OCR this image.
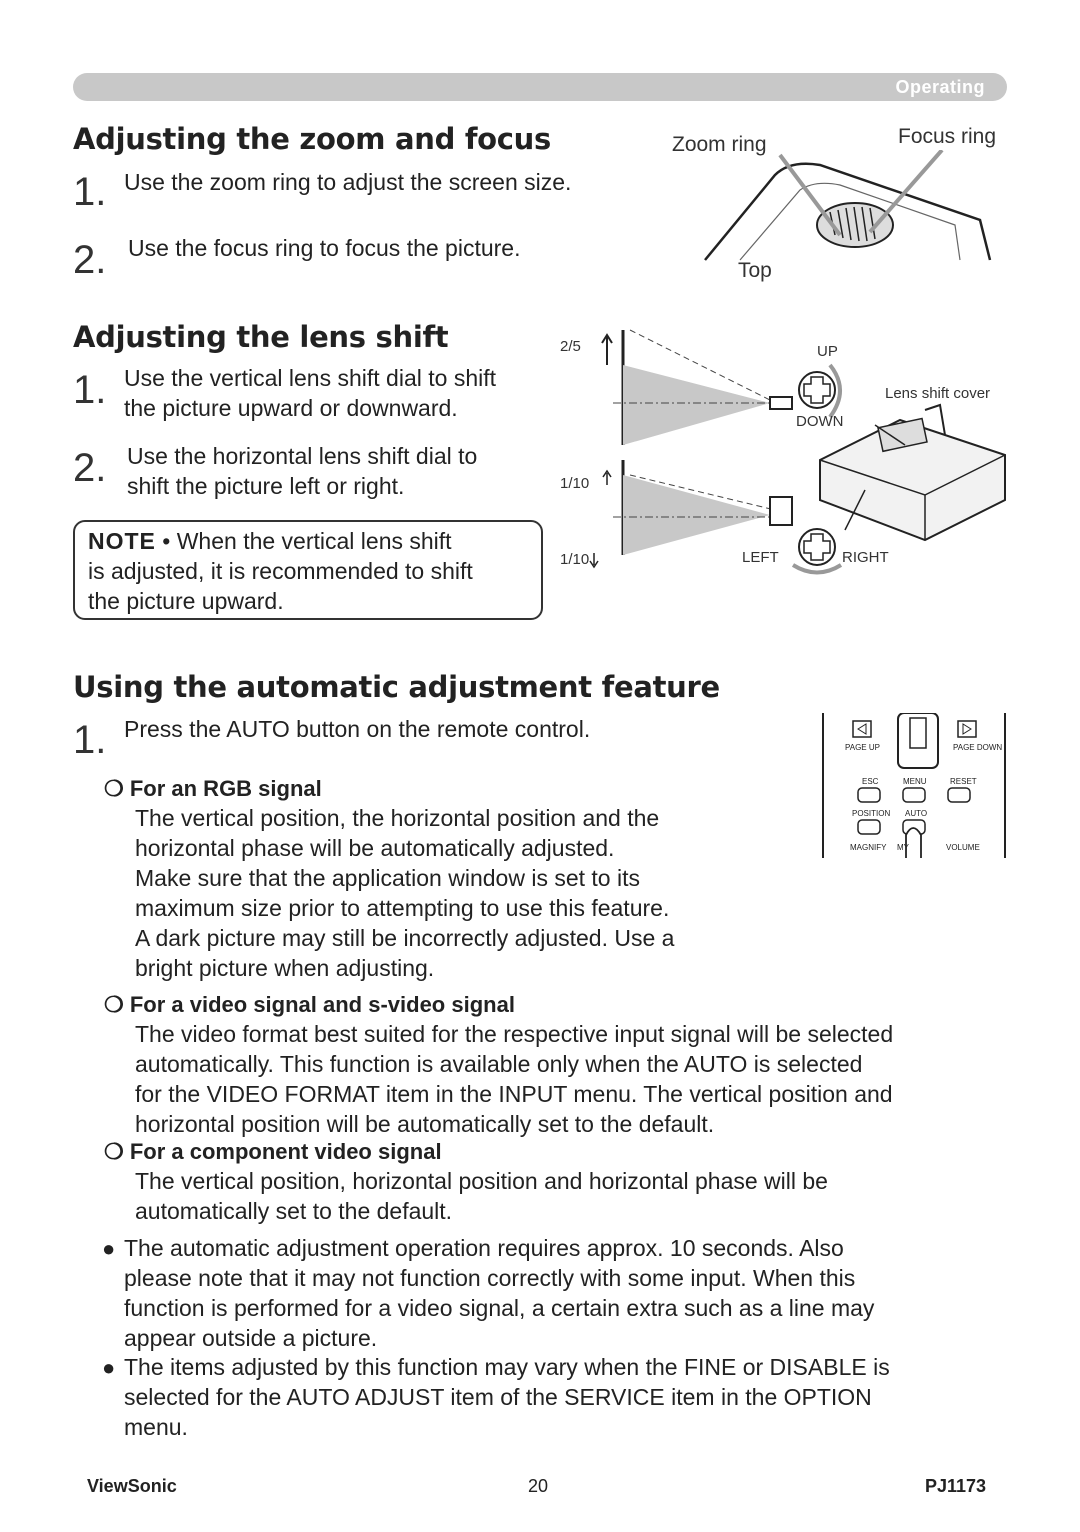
Operating
Adjusting the zoom and focus
1. Use the zoom ring to adjust the screen size.
2. Use the focus ring to focus the picture.
Zoom ring	Focus ring
Top
Adjusting the lens shift
1. Use the vertical lens shift dial to shift
the picture upward or downward.
2. Use the horizontal lens shift dial to
shift the picture left or right.
NOTE • When the vertical lens shift
is adjusted, it is recommended to shift
the picture upward.
2/5
1/10
1/10
UP
DOWN
Lens shift cover
LEFT	RIGHT
Using the automatic adjustment feature
1. Press the AUTO button on the remote control.
PAGE UP	PAGE DOWN
ESC	MENU	RESET
POSITION AUTO
MAGNIFY MY	VOLUME
❍ For an RGB signal
The vertical position, the horizontal position and the
horizontal phase will be automatically adjusted.
Make sure that the application window is set to its
maximum size prior to attempting to use this feature.
A dark picture may still be incorrectly adjusted. Use a
bright picture when adjusting.
❍ For a video signal and s-video signal
The video format best suited for the respective input signal will be selected
automatically. This function is available only when the AUTO is selected
for the VIDEO FORMAT item in the INPUT menu. The vertical position and
horizontal position will be automatically set to the default.
❍ For a component video signal
The vertical position, horizontal position and horizontal phase will be
automatically set to the default.
● The automatic adjustment operation requires approx. 10 seconds. Also
please note that it may not function correctly with some input. When this
function is performed for a video signal, a certain extra such as a line may
appear outside a picture.
● The items adjusted by this function may vary when the FINE or DISABLE is
selected for the AUTO ADJUST item of the SERVICE item in the OPTION
menu.
ViewSonic	20	PJ1173
